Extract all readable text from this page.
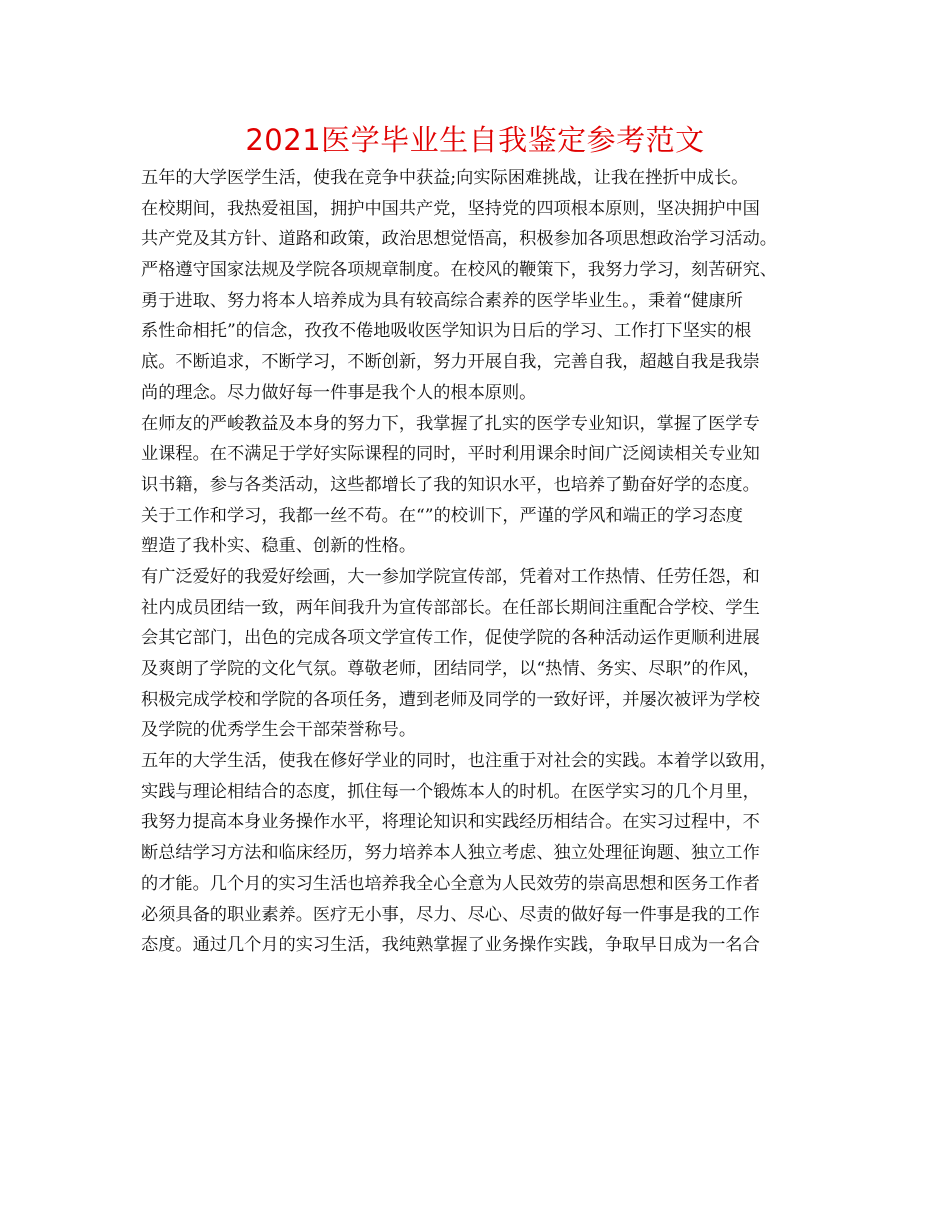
2021医学毕业生自我鉴定参考范文
五年的大学医学生活，使我在竞争中获益;向实际困难挑战，让我在挫折中成长。
在校期间，我热爱祖国，拥护中国共产党，坚持党的四项根本原则，坚决拥护中国
共产党及其方针、道路和政策，政治思想觉悟高，积极参加各项思想政治学习活动。
严格遵守国家法规及学院各项规章制度。在校风的鞭策下，我努力学习，刻苦研究、
勇于进取、努力将本人培养成为具有较高综合素养的医学毕业生。，秉着“健康所
系性命相托”的信念，孜孜不倦地吸收医学知识为日后的学习、工作打下坚实的根
底。不断追求，不断学习，不断创新，努力开展自我，完善自我，超越自我是我崇
尚的理念。尽力做好每一件事是我个人的根本原则。
在师友的严峻教益及本身的努力下，我掌握了扎实的医学专业知识，掌握了医学专
业课程。在不满足于学好实际课程的同时，平时利用课余时间广泛阅读相关专业知
识书籍，参与各类活动，这些都增长了我的知识水平，也培养了勤奋好学的态度。
关于工作和学习，我都一丝不苟。在“”的校训下，严谨的学风和端正的学习态度
塑造了我朴实、稳重、创新的性格。
有广泛爱好的我爱好绘画，大一参加学院宣传部，凭着对工作热情、任劳任怨，和
社内成员团结一致，两年间我升为宣传部部长。在任部长期间注重配合学校、学生
会其它部门，出色的完成各项文学宣传工作，促使学院的各种活动运作更顺利进展
及爽朗了学院的文化气氛。尊敬老师，团结同学，以“热情、务实、尽职”的作风，
积极完成学校和学院的各项任务，遭到老师及同学的一致好评，并屡次被评为学校
及学院的优秀学生会干部荣誉称号。
五年的大学生活，使我在修好学业的同时，也注重于对社会的实践。本着学以致用，
实践与理论相结合的态度，抓住每一个锻炼本人的时机。在医学实习的几个月里，
我努力提高本身业务操作水平，将理论知识和实践经历相结合。在实习过程中，不
断总结学习方法和临床经历，努力培养本人独立考虑、独立处理征询题、独立工作
的才能。几个月的实习生活也培养我全心全意为人民效劳的崇高思想和医务工作者
必须具备的职业素养。医疗无小事，尽力、尽心、尽责的做好每一件事是我的工作
态度。通过几个月的实习生活，我纯熟掌握了业务操作实践，争取早日成为一名合
